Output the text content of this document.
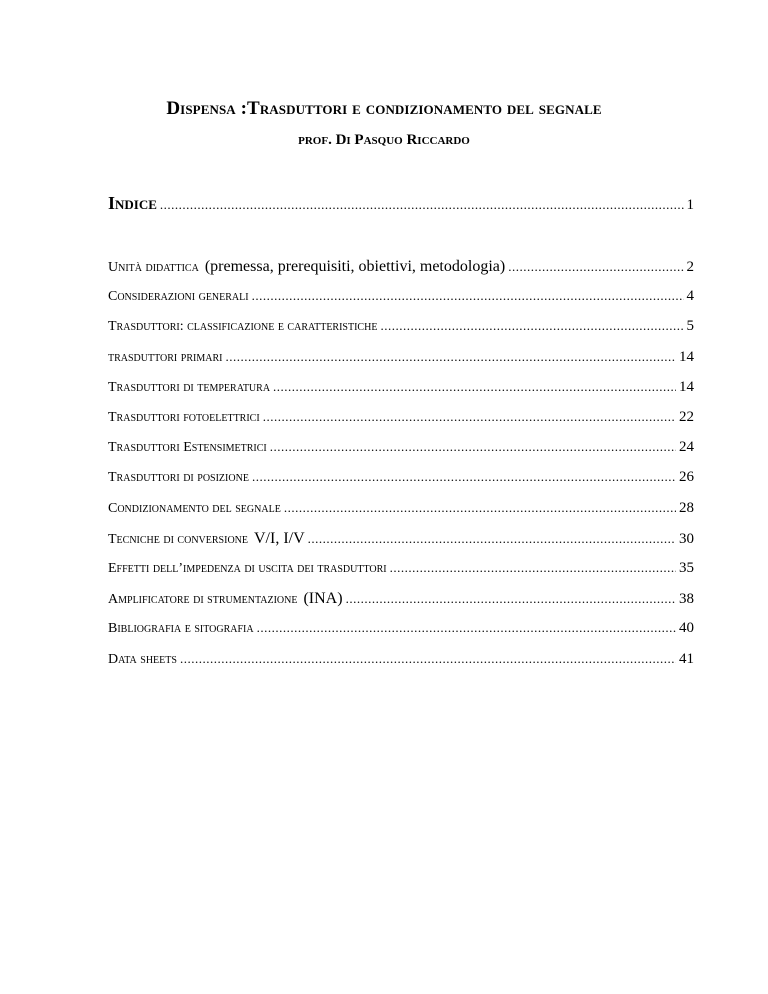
Dispensa :Trasduttori e condizionamento del segnale
prof. Di Pasquo Riccardo
Indice .....	1
Unità didattica (premessa, prerequisiti, obiettivi, metodologia) .....	2
Considerazioni generali .....	4
Trasduttori: classificazione e caratteristiche .....	5
trasduttori primari .....	14
Trasduttori di temperatura .....	14
Trasduttori fotoelettrici .....	22
Trasduttori Estensimetrici .....	24
Trasduttori di posizione .....	26
Condizionamento del segnale .....	28
Tecniche di conversione V/I, I/V .....	30
Effetti dell’impedenza di uscita dei trasduttori .....	35
Amplificatore di strumentazione (INA) .....	38
Bibliografia e sitografia .....	40
Data sheets .....	41
